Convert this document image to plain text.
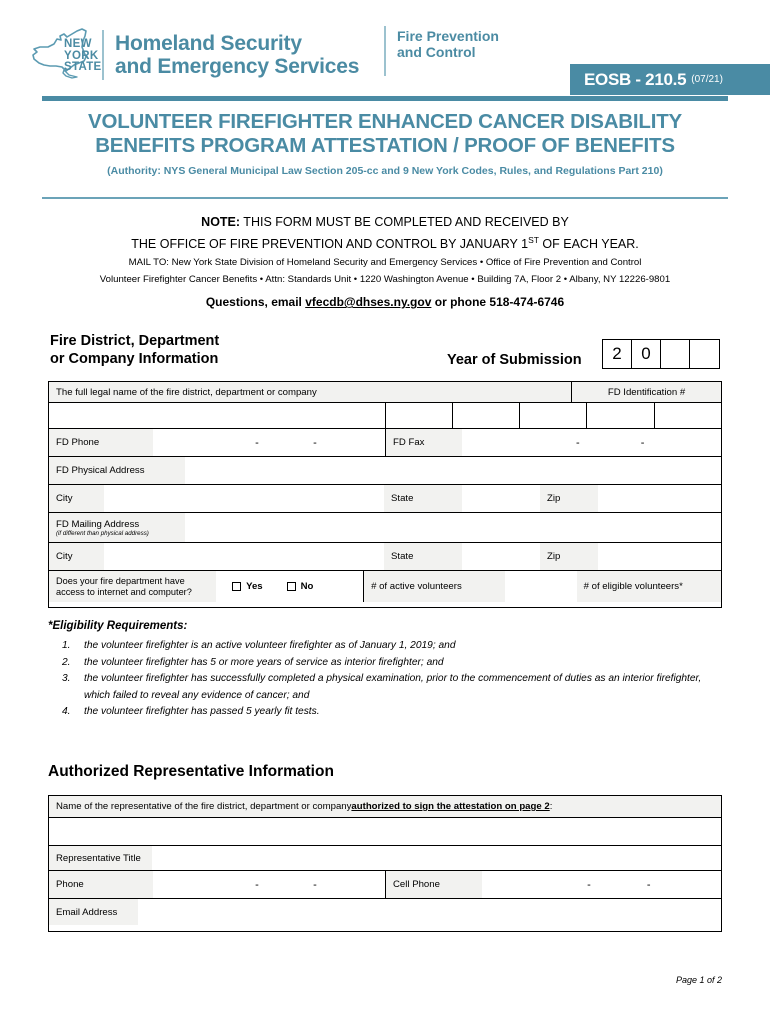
NEW
YORK
STATE
Homeland Security
and Emergency Services
Fire Prevention
and Control
EOSB - 210.5 (07/21)
VOLUNTEER FIREFIGHTER ENHANCED CANCER DISABILITY
BENEFITS PROGRAM ATTESTATION / PROOF OF BENEFITS
(Authority: NYS General Municipal Law Section 205-cc and 9 New York Codes, Rules, and Regulations Part 210)
NOTE: THIS FORM MUST BE COMPLETED AND RECEIVED BY
THE OFFICE OF FIRE PREVENTION AND CONTROL BY JANUARY 1ST OF EACH YEAR.
MAIL TO: New York State Division of Homeland Security and Emergency Services • Office of Fire Prevention and Control
Volunteer Firefighter Cancer Benefits • Attn: Standards Unit • 1220 Washington Avenue • Building 7A, Floor 2 • Albany, NY 12226-9801
Questions, email vfecdb@dhses.ny.gov or phone 518-474-6746
Fire District, Department
or Company Information	Year of Submission	2	0
The full legal name of the fire district, department or company	FD Identification #
FD Phone	-	-	FD Fax	-	-
FD Physical Address
City	State	Zip
FD Mailing Address
(if different than physical address)
City	State	Zip
Does your fire department have
access to internet and computer?	Yes	No	# of active volunteers	# of eligible volunteers*
*Eligibility Requirements:
1.	the volunteer firefighter is an active volunteer firefighter as of January 1, 2019; and
2.	the volunteer firefighter has 5 or more years of service as interior firefighter; and
3.	the volunteer firefighter has successfully completed a physical examination, prior to the commencement of duties as an interior firefighter, which failed to reveal any evidence of cancer; and
4.	the volunteer firefighter has passed 5 yearly fit tests.
Authorized Representative Information
Name of the representative of the fire district, department or company authorized to sign the attestation on page 2 :
Representative Title
Phone	-	-	Cell Phone	-	-
Email Address
Page 1 of 2
